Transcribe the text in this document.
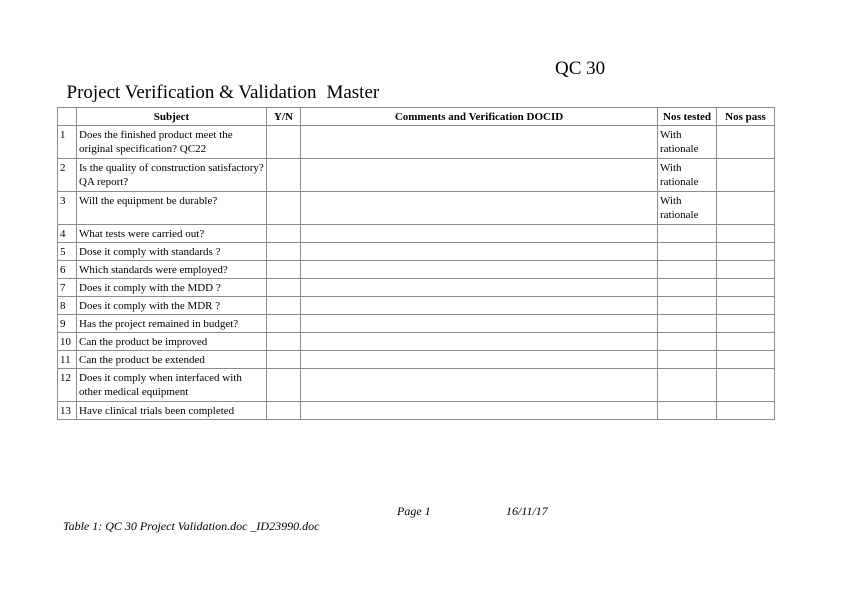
Project Verification & Validation Master

QC 30

	Subject	Y/N	Comments and Verification DOCID	Nos tested	Nos pass
1	Does the finished product meet the original specification? QC22			With rationale	
2	Is the quality of construction satisfactory? QA report?			With rationale	
3	Will the equipment be durable?			With rationale	
4	What tests were carried out?				
5	Dose it comply with standards ?				
6	Which standards were employed?				
7	Does it comply with the MDD ?				
8	Does it comply with the MDR ?				
9	Has the project remained in budget?				
10	Can the product be improved				
11	Can the product be extended				
12	Does it comply when interfaced with other medical equipment				
13	Have clinical trials been completed				

Table 1: QC 30 Project Validation.doc _ID23990.doc

Page 1

	16/11/17
